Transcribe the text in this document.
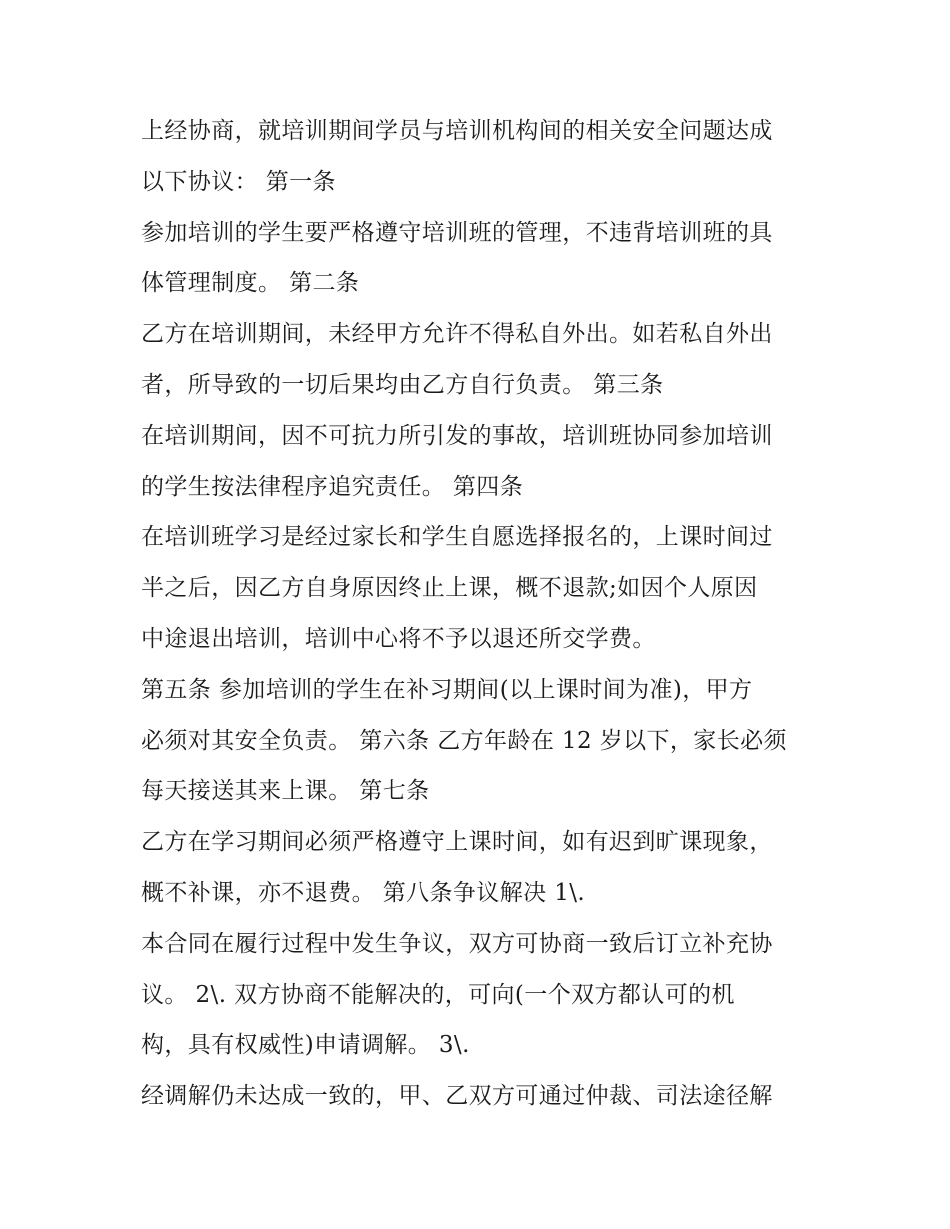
上经协商，就培训期间学员与培训机构间的相关安全问题达成
以下协议： 第一条
参加培训的学生要严格遵守培训班的管理，不违背培训班的具
体管理制度。 第二条
乙方在培训期间，未经甲方允许不得私自外出。如若私自外出
者，所导致的一切后果均由乙方自行负责。 第三条
在培训期间，因不可抗力所引发的事故，培训班协同参加培训
的学生按法律程序追究责任。 第四条
在培训班学习是经过家长和学生自愿选择报名的，上课时间过
半之后，因乙方自身原因终止上课，概不退款;如因个人原因
中途退出培训，培训中心将不予以退还所交学费。
第五条 参加培训的学生在补习期间(以上课时间为准)，甲方
必须对其安全负责。 第六条 乙方年龄在 12 岁以下，家长必须
每天接送其来上课。 第七条
乙方在学习期间必须严格遵守上课时间，如有迟到旷课现象，
概不补课，亦不退费。 第八条争议解决 1\.
本合同在履行过程中发生争议，双方可协商一致后订立补充协
议。 2\. 双方协商不能解决的，可向(一个双方都认可的机
构，具有权威性)申请调解。 3\.
经调解仍未达成一致的，甲、乙双方可通过仲裁、司法途径解
